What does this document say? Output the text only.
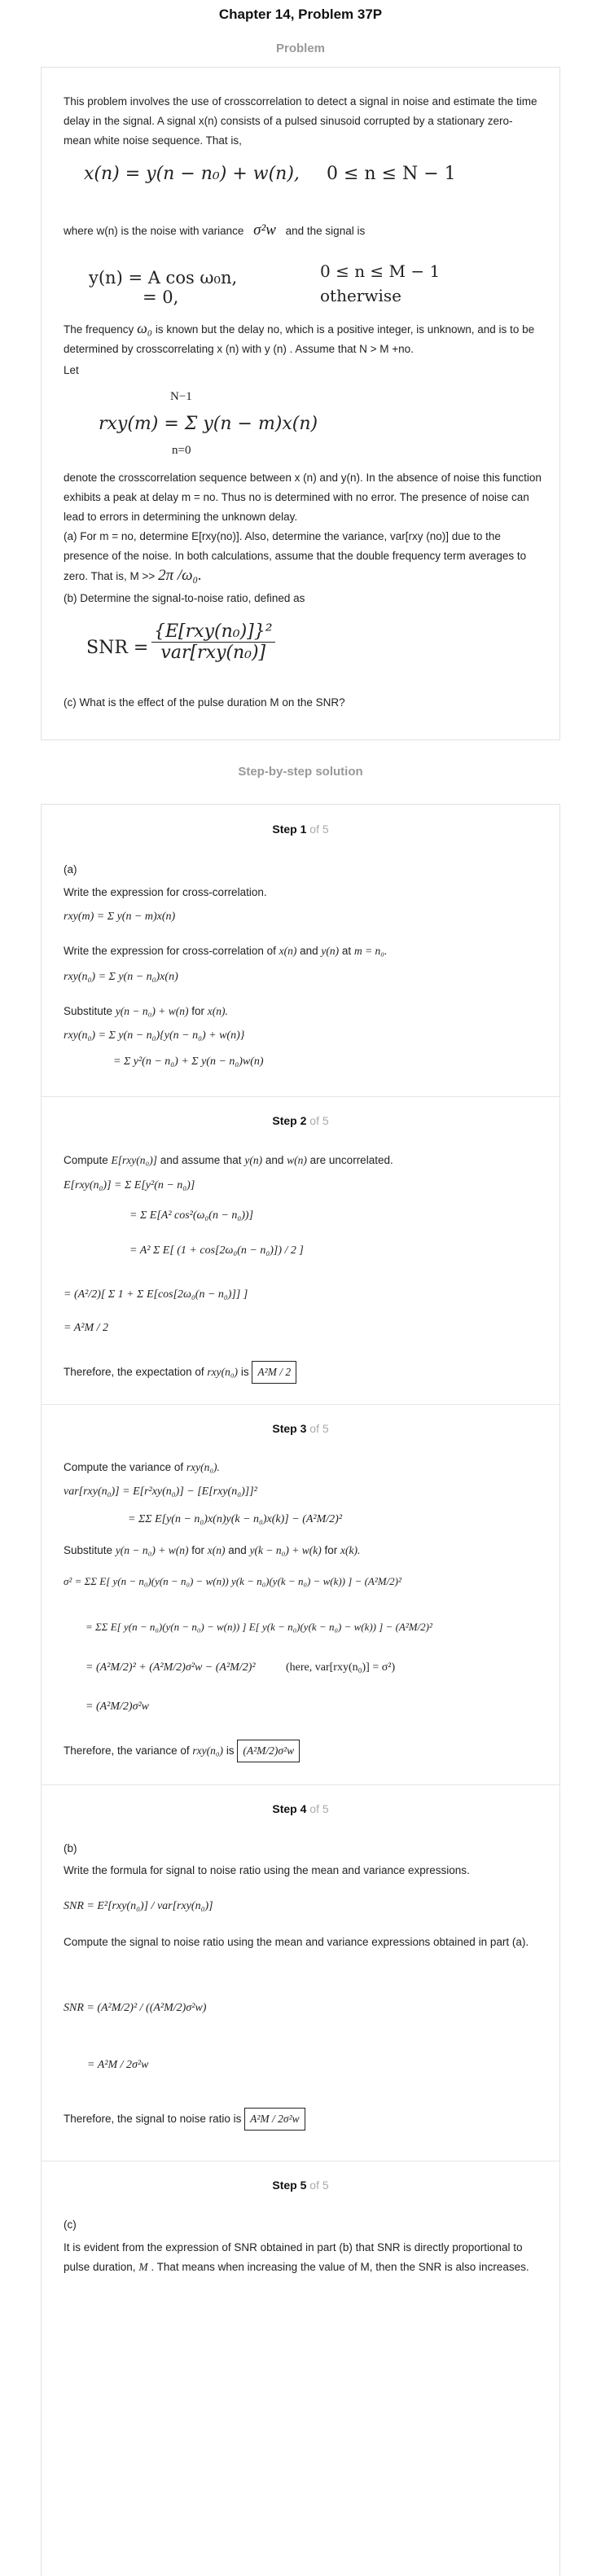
Chapter 14, Problem 37P
Problem

This problem involves the use of crosscorrelation to detect a signal in noise and estimate the time delay in the signal. A signal x(n) consists of a pulsed sinusoid corrupted by a stationary zero-mean white noise sequence. That is,

x(n) = y(n − n₀) + w(n), 0 ≤ n ≤ N − 1
where w(n) is the noise with variance σ²w and the signal is
y(n) = A cos ω₀n,	0 ≤ n ≤ M − 1
= 0,	otherwise
The frequency ω₀ is known but the delay no, which is a positive integer, is unknown, and is to be determined by crosscorrelating x (n) with y (n) . Assume that N > M +no.

Let

N−1
rxy(m) = Σ y(n − m)x(n)
n=0

denote the crosscorrelation sequence between x (n) and y(n). In the absence of noise this function exhibits a peak at delay m = no. Thus no is determined with no error. The presence of noise can lead to errors in determining the unknown delay.

(a) For m = no, determine E[rxy(no)]. Also, determine the variance, var[rxy (no)] due to the presence of the noise. In both calculations, assume that the double frequency term averages to zero. That is, M >> 2π /ω₀.

(b) Determine the signal-to-noise ratio, defined as

SNR = $\frac{\text{\{E[rxy(n₀)]\}²}}{\text{var[rxy(n₀)]}}$

(c) What is the effect of the pulse duration M on the SNR?

Step-by-step solution
Step 1 of 5

(a)

Write the expression for cross-correlation.

rxy(m) = Σ y(n − m)x(n)
Write the expression for cross-correlation of x(n) and y(n) at m = n₀.
rxy(n₀) = Σ y(n − n₀)x(n)
Substitute y(n − n₀) + w(n) for x(n).
rxy(n₀) = Σ y(n − n₀){y(n − n₀) + w(n)}
= Σ y²(n − n₀) + Σ y(n − n₀)w(n)
Step 2 of 5
Compute E[rxy(n₀)] and assume that y(n) and w(n) are uncorrelated.
E[rxy(n₀)] = Σ E[y²(n − n₀)]
= Σ E[A² cos²(ω₀(n − n₀))]
= A² Σ E[ (1 + cos[2ω₀(n − n₀)]) / 2 ]
= (A²/2)[ Σ 1 + Σ E[cos[2ω₀(n − n₀)]] ]
= A²M / 2
Therefore, the expectation of rxy(n₀) is A²M / 2
Step 3 of 5
Compute the variance of rxy(n₀).
var[rxy(n₀)] = E[r²xy(n₀)] − [E[rxy(n₀)]]²
= ΣΣ E[y(n − n₀)x(n)y(k − n₀)x(k)] − (A²M/2)²
Substitute y(n − n₀) + w(n) for x(n) and y(k − n₀) + w(k) for x(k).
σ² = ΣΣ E[ y(n − n₀)(y(n − n₀) − w(n)) y(k − n₀)(y(k − n₀) − w(k)) ] − (A²M/2)²
= ΣΣ E[ y(n − n₀)(y(n − n₀) − w(n)) ] E[ y(k − n₀)(y(k − n₀) − w(k)) ] − (A²M/2)²
= (A²M/2)² + (A²M/2)σ²w − (A²M/2)²	(here, var[rxy(n₀)] = σ²)
= (A²M/2)σ²w
Therefore, the variance of rxy(n₀) is (A²M/2)σ²w
Step 4 of 5

(b)

Write the formula for signal to noise ratio using the mean and variance expressions.

SNR = E²[rxy(n₀)] / var[rxy(n₀)]

Compute the signal to noise ratio using the mean and variance expressions obtained in part (a).

SNR = (A²M/2)² / ((A²M/2)σ²w)
= A²M / 2σ²w
Therefore, the signal to noise ratio is A²M / 2σ²w
Step 5 of 5

(c)

It is evident from the expression of SNR obtained in part (b) that SNR is directly proportional to pulse duration, M . That means when increasing the value of M, then the SNR is also increases.
